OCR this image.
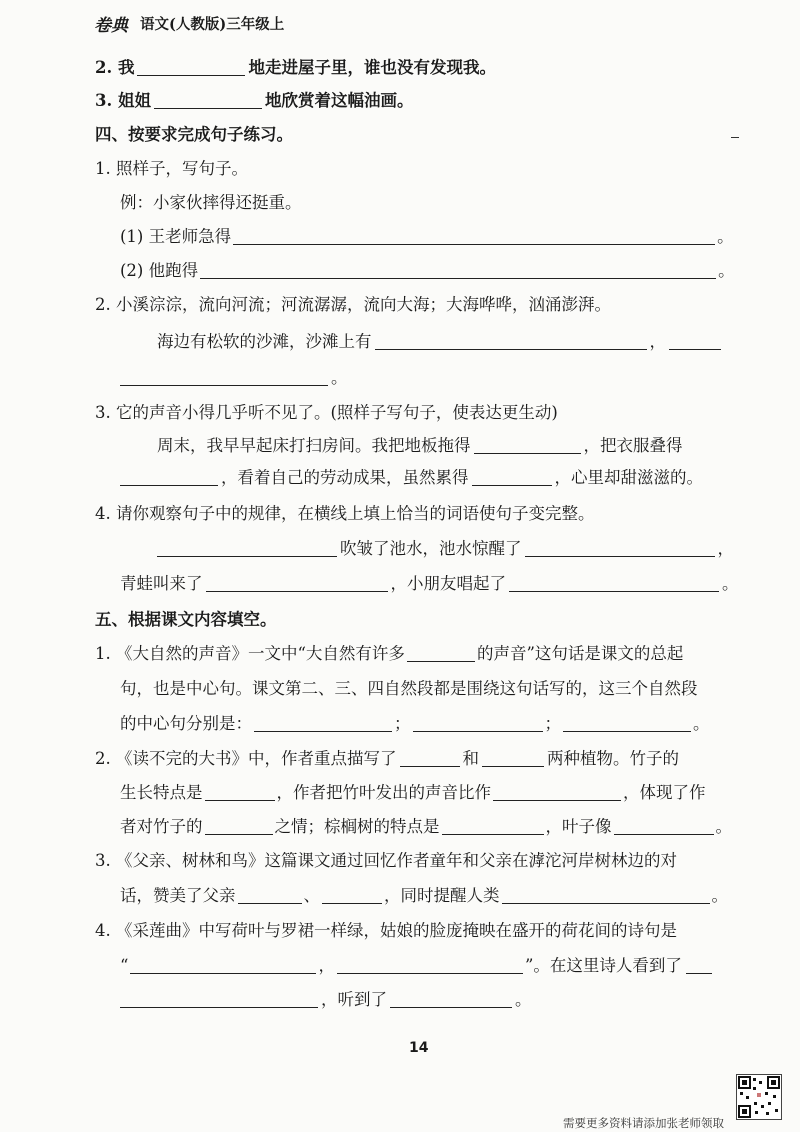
卷典 语文(人教版)三年级上
2. 我	地走进屋子里，谁也没有发现我。
3. 姐姐	地欣赏着这幅油画。
四、按要求完成句子练习。
1. 照样子，写句子。
例：小家伙摔得还挺重。
(1) 王老师急得	。
(2) 他跑得	。
2. 小溪淙淙，流向河流；河流潺潺，流向大海；大海哗哗，汹涌澎湃。
海边有松软的沙滩，沙滩上有	，
。
3. 它的声音小得几乎听不见了。(照样子写句子，使表达更生动)
周末，我早早起床打扫房间。我把地板拖得	，把衣服叠得
，看着自己的劳动成果，虽然累得	，心里却甜滋滋的。
4. 请你观察句子中的规律，在横线上填上恰当的词语使句子变完整。
吹皱了池水，池水惊醒了	，
青蛙叫来了	，小朋友唱起了	。
五、根据课文内容填空。
1. 《大自然的声音》一文中“大自然有许多	的声音”这句话是课文的总起
句，也是中心句。课文第二、三、四自然段都是围绕这句话写的，这三个自然段
的中心句分别是：	；	；	。
2. 《读不完的大书》中，作者重点描写了	和	两种植物。竹子的
生长特点是	，作者把竹叶发出的声音比作	，体现了作
者对竹子的	之情；棕榈树的特点是	，叶子像	。
3. 《父亲、树林和鸟》这篇课文通过回忆作者童年和父亲在滹沱河岸树林边的对
话，赞美了父亲	、	，同时提醒人类	。
4. 《采莲曲》中写荷叶与罗裙一样绿，姑娘的脸庞掩映在盛开的荷花间的诗句是
“	，	”。在这里诗人看到了
，听到了	。
14
需要更多资料请添加张老师领取
